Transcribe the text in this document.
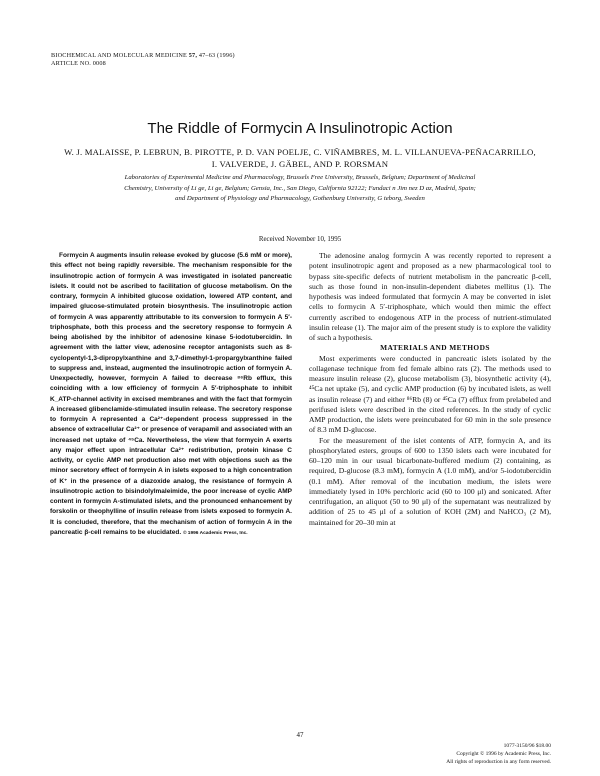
BIOCHEMICAL AND MOLECULAR MEDICINE 57, 47–63 (1996)
ARTICLE NO. 0008
The Riddle of Formycin A Insulinotropic Action
W. J. MALAISSE, P. LEBRUN, B. PIROTTE, P. D. VAN POELJE, C. VIÑAMBRES, M. L. VILLANUEVA-PEÑACARRILLO,
I. VALVERDE, J. GÄBEL, AND P. RORSMAN
Laboratories of Experimental Medicine and Pharmacology, Brussels Free University, Brussels, Belgium; Department of Medicinal
Chemistry, University of Li ge, Li ge, Belgium; Gensia, Inc., San Diego, California 92122; Fundaci n Jim nez D az, Madrid, Spain;
and Department of Physiology and Pharmacology, Gothenburg University, G teborg, Sweden
Received November 10, 1995

Formycin A augments insulin release evoked by glucose (5.6 mM or more), this effect not being rapidly reversible. The mechanism responsible for the insulinotropic action of formycin A was investigated in isolated pancreatic islets. It could not be ascribed to facilitation of glucose metabolism. On the contrary, formycin A inhibited glucose oxidation, lowered ATP content, and impaired glucose-stimulated protein biosynthesis. The insulinotropic action of formycin A was apparently attributable to its conversion to formycin A 5′-triphosphate, both this process and the secretory response to formycin A being abolished by the inhibitor of adenosine kinase 5-iodotubercidin. In agreement with the latter view, adenosine receptor antagonists such as 8-cyclopentyl-1,3-dipropylxanthine and 3,7-dimethyl-1-propargylxanthine failed to suppress and, instead, augmented the insulinotropic action of formycin A. Unexpectedly, however, formycin A failed to decrease ⁸⁶Rb efflux, this coinciding with a low efficiency of formycin A 5′-triphosphate to inhibit K_ATP-channel activity in excised membranes and with the fact that formycin A increased glibenclamide-stimulated insulin release. The secretory response to formycin A represented a Ca²⁺-dependent process suppressed in the absence of extracellular Ca²⁺ or presence of verapamil and associated with an increased net uptake of ⁴⁵Ca. Nevertheless, the view that formycin A exerts any major effect upon intracellular Ca²⁺ redistribution, protein kinase C activity, or cyclic AMP net production also met with objections such as the minor secretory effect of formycin A in islets exposed to a high concentration of K⁺ in the presence of a diazoxide analog, the resistance of formycin A insulinotropic action to bisindolylmaleimide, the poor increase of cyclic AMP content in formycin A-stimulated islets, and the pronounced enhancement by forskolin or theophylline of insulin release from islets exposed to formycin A. It is concluded, therefore, that the mechanism of action of formycin A in the pancreatic β-cell remains to be elucidated. © 1996 Academic Press, Inc.

The adenosine analog formycin A was recently reported to represent a potent insulinotropic agent and proposed as a new pharmacological tool to bypass site-specific defects of nutrient metabolism in the pancreatic β-cell, such as those found in non-insulin-dependent diabetes mellitus (1). The hypothesis was indeed formulated that formycin A may be converted in islet cells to formycin A 5′-triphosphate, which would then mimic the effect currently ascribed to endogenous ATP in the process of nutrient-stimulated insulin release (1). The major aim of the present study is to explore the validity of such a hypothesis.

MATERIALS AND METHODS

Most experiments were conducted in pancreatic islets isolated by the collagenase technique from fed female albino rats (2). The methods used to measure insulin release (2), glucose metabolism (3), biosynthetic activity (4), ⁴⁵Ca net uptake (5), and cyclic AMP production (6) by incubated islets, as well as insulin release (7) and either ⁸⁶Rb (8) or ⁴⁵Ca (7) efflux from prelabeled and perifused islets were described in the cited references. In the study of cyclic AMP production, the islets were preincubated for 60 min in the sole presence of 8.3 mM D-glucose.

For the measurement of the islet contents of ATP, formycin A, and its phosphorylated esters, groups of 600 to 1350 islets each were incubated for 60–120 min in our usual bicarbonate-buffered medium (2) containing, as required, D-glucose (8.3 mM), formycin A (1.0 mM), and/or 5-iodotubercidin (0.1 mM). After removal of the incubation medium, the islets were immediately lysed in 10% perchloric acid (60 to 100 μl) and sonicated. After centrifugation, an aliquot (50 to 90 μl) of the supernatant was neutralized by addition of 25 to 45 μl of a solution of KOH (2M) and NaHCO₃ (2 M), maintained for 20–30 min at

47
1077-3150/96 $18.00
Copyright © 1996 by Academic Press, Inc.
All rights of reproduction in any form reserved.
